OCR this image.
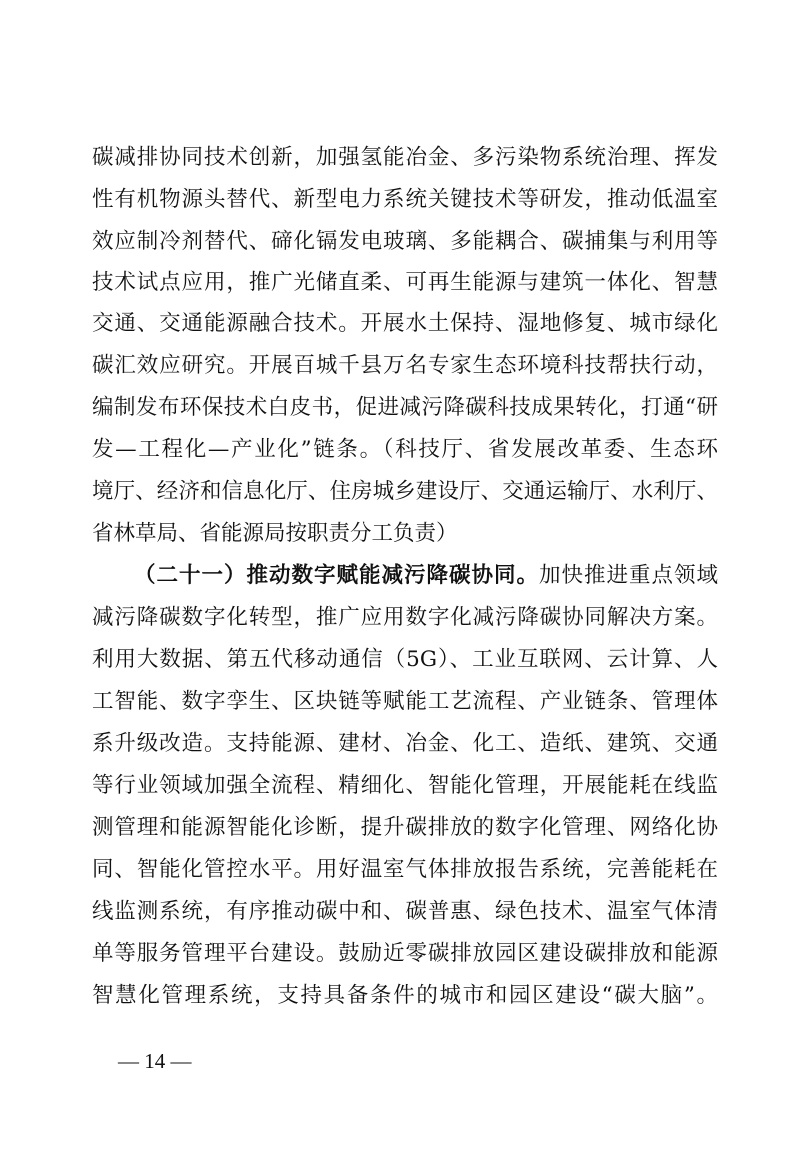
碳减排协同技术创新，加强氢能冶金、多污染物系统治理、挥发
性有机物源头替代、新型电力系统关键技术等研发，推动低温室
效应制冷剂替代、碲化镉发电玻璃、多能耦合、碳捕集与利用等
技术试点应用，推广光储直柔、可再生能源与建筑一体化、智慧
交通、交通能源融合技术。开展水土保持、湿地修复、城市绿化
碳汇效应研究。开展百城千县万名专家生态环境科技帮扶行动，
编制发布环保技术白皮书，促进减污降碳科技成果转化，打通“研
发—工程化—产业化”链条。（科技厅、省发展改革委、生态环
境厅、经济和信息化厅、住房城乡建设厅、交通运输厅、水利厅、
省林草局、省能源局按职责分工负责）
（二十一）推动数字赋能减污降碳协同。加快推进重点领域
减污降碳数字化转型，推广应用数字化减污降碳协同解决方案。
利用大数据、第五代移动通信（5G）、工业互联网、云计算、人
工智能、数字孪生、区块链等赋能工艺流程、产业链条、管理体
系升级改造。支持能源、建材、冶金、化工、造纸、建筑、交通
等行业领域加强全流程、精细化、智能化管理，开展能耗在线监
测管理和能源智能化诊断，提升碳排放的数字化管理、网络化协
同、智能化管控水平。用好温室气体排放报告系统，完善能耗在
线监测系统，有序推动碳中和、碳普惠、绿色技术、温室气体清
单等服务管理平台建设。鼓励近零碳排放园区建设碳排放和能源
智慧化管理系统，支持具备条件的城市和园区建设“碳大脑”。
— 14 —
